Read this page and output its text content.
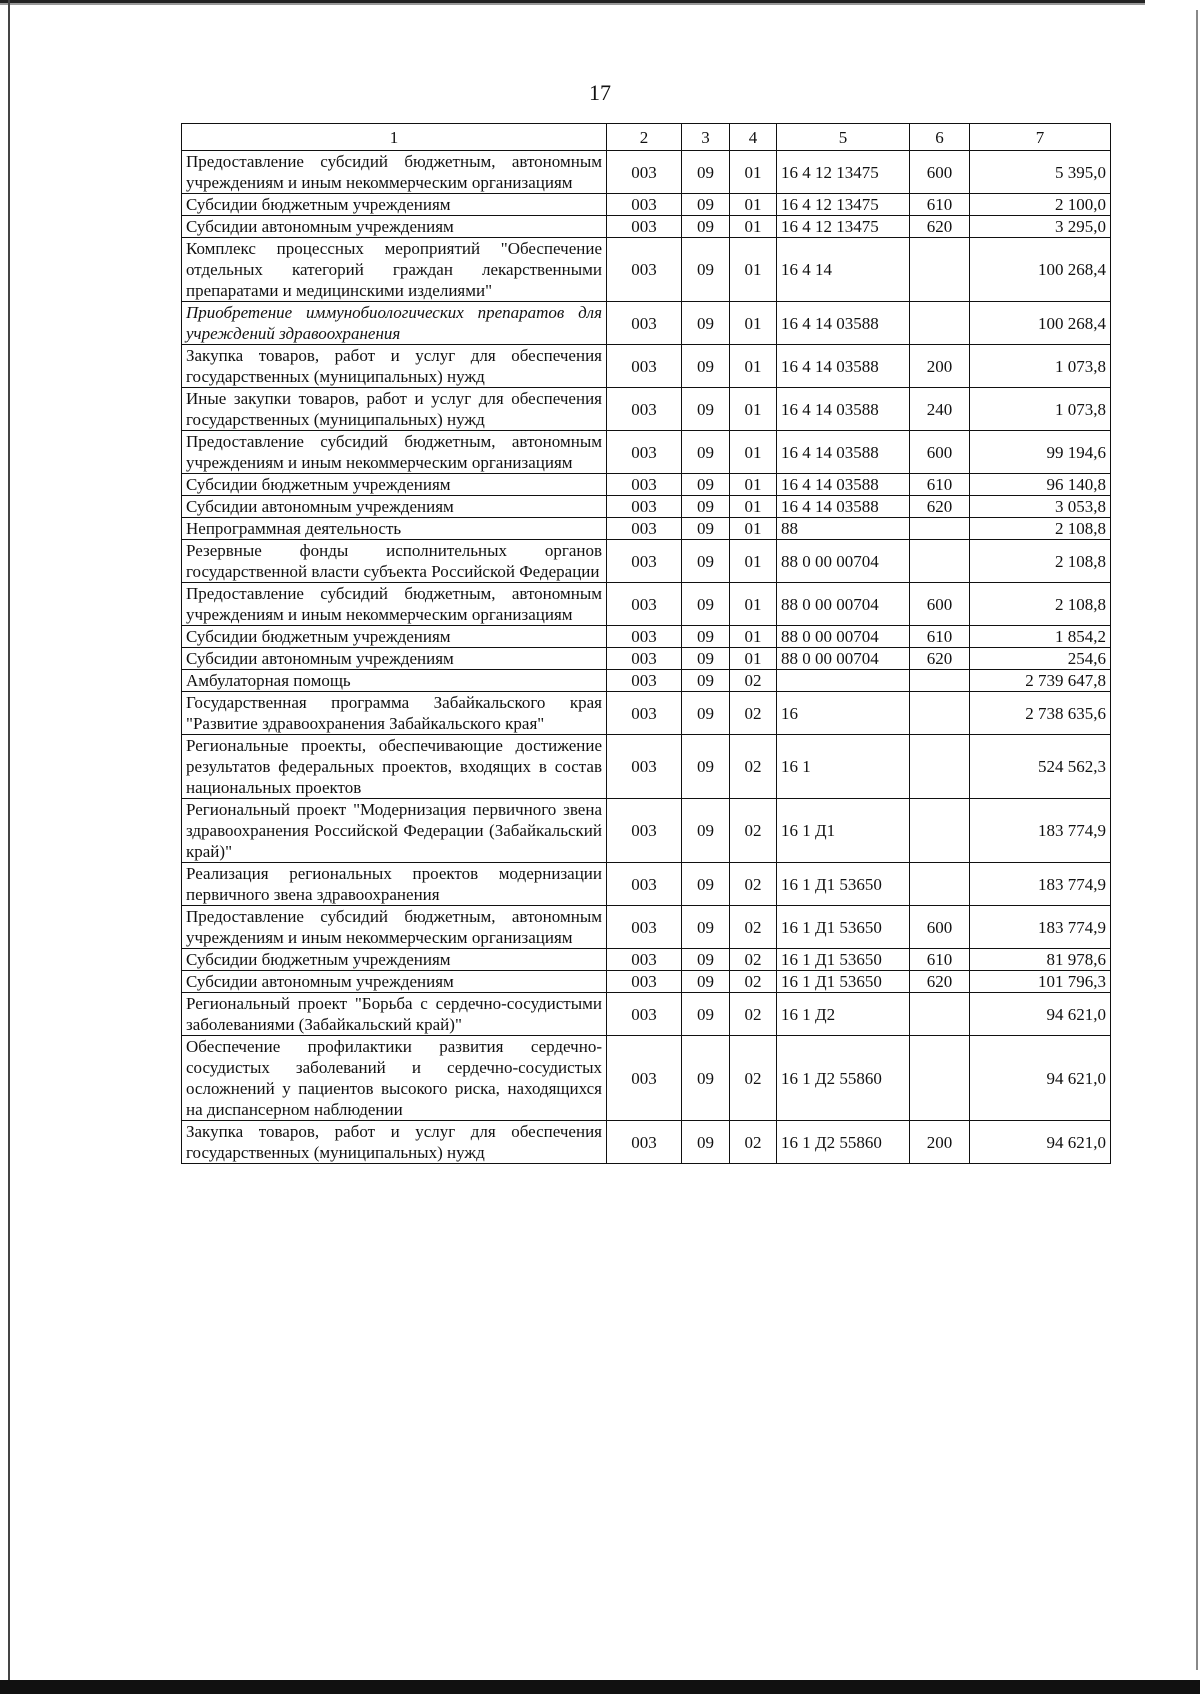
17
1	2	3	4	5	6	7
Предоставление субсидий бюджетным, автономным учреждениям и иным некоммерческим организациям	003	09	01	16 4 12 13475	600	5 395,0
Субсидии бюджетным учреждениям	003	09	01	16 4 12 13475	610	2 100,0
Субсидии автономным учреждениям	003	09	01	16 4 12 13475	620	3 295,0
Комплекс процессных мероприятий "Обеспечение отдельных категорий граждан лекарственными препаратами и медицинскими изделиями"	003	09	01	16 4 14		100 268,4
Приобретение иммунобиологических препаратов для учреждений здравоохранения	003	09	01	16 4 14 03588		100 268,4
Закупка товаров, работ и услуг для обеспечения государственных (муниципальных) нужд	003	09	01	16 4 14 03588	200	1 073,8
Иные закупки товаров, работ и услуг для обеспечения государственных (муниципальных) нужд	003	09	01	16 4 14 03588	240	1 073,8
Предоставление субсидий бюджетным, автономным учреждениям и иным некоммерческим организациям	003	09	01	16 4 14 03588	600	99 194,6
Субсидии бюджетным учреждениям	003	09	01	16 4 14 03588	610	96 140,8
Субсидии автономным учреждениям	003	09	01	16 4 14 03588	620	3 053,8
Непрограммная деятельность	003	09	01	88		2 108,8
Резервные фонды исполнительных органов государственной власти субъекта Российской Федерации	003	09	01	88 0 00 00704		2 108,8
Предоставление субсидий бюджетным, автономным учреждениям и иным некоммерческим организациям	003	09	01	88 0 00 00704	600	2 108,8
Субсидии бюджетным учреждениям	003	09	01	88 0 00 00704	610	1 854,2
Субсидии автономным учреждениям	003	09	01	88 0 00 00704	620	254,6
Амбулаторная помощь	003	09	02			2 739 647,8
Государственная программа Забайкальского края "Развитие здравоохранения Забайкальского края"	003	09	02	16		2 738 635,6
Региональные проекты, обеспечивающие достижение результатов федеральных проектов, входящих в состав национальных проектов	003	09	02	16 1		524 562,3
Региональный проект "Модернизация первичного звена здравоохранения Российской Федерации (Забайкальский край)"	003	09	02	16 1 Д1		183 774,9
Реализация региональных проектов модернизации первичного звена здравоохранения	003	09	02	16 1 Д1 53650		183 774,9
Предоставление субсидий бюджетным, автономным учреждениям и иным некоммерческим организациям	003	09	02	16 1 Д1 53650	600	183 774,9
Субсидии бюджетным учреждениям	003	09	02	16 1 Д1 53650	610	81 978,6
Субсидии автономным учреждениям	003	09	02	16 1 Д1 53650	620	101 796,3
Региональный проект "Борьба с сердечно-сосудистыми заболеваниями (Забайкальский край)"	003	09	02	16 1 Д2		94 621,0
Обеспечение профилактики развития сердечно-сосудистых заболеваний и сердечно-сосудистых осложнений у пациентов высокого риска, находящихся на диспансерном наблюдении	003	09	02	16 1 Д2 55860		94 621,0
Закупка товаров, работ и услуг для обеспечения государственных (муниципальных) нужд	003	09	02	16 1 Д2 55860	200	94 621,0
